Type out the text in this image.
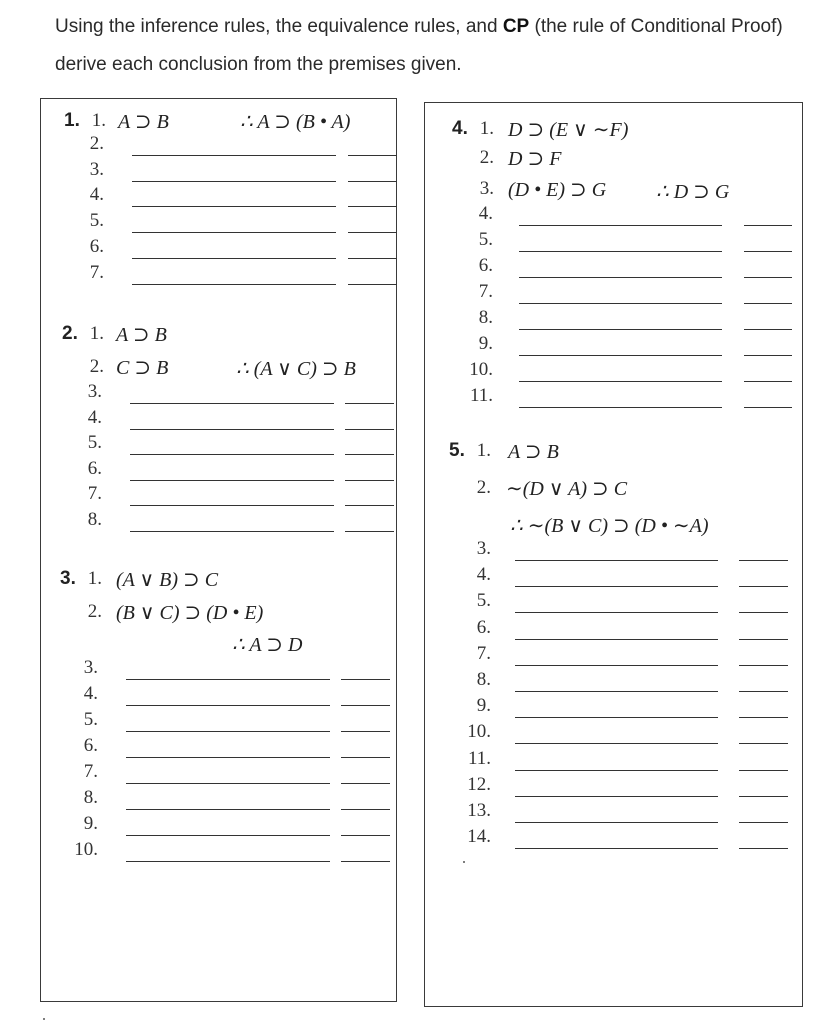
Using the inference rules, the equivalence rules, and CP (the rule of Conditional Proof) derive each conclusion from the premises given.
1. 1. A ⊃ B	∴ A ⊃ (B • A)
2.
3.
4.
5.
6.
7.
2. 1. A ⊃ B
2. C ⊃ B	∴ (A ∨ C) ⊃ B
3.
4.
5.
6.
7.
8.
3. 1. (A ∨ B) ⊃ C
2. (B ∨ C) ⊃ (D • E)
∴ A ⊃ D
3.
4.
5.
6.
7.
8.
9.
10.
4. 1. D ⊃ (E ∨ ∼F)
2. D ⊃ F
3. (D • E) ⊃ G ∴ D ⊃ G
4.
5.
6.
7.
8.
9.
10.
11.
5. 1. A ⊃ B
2. ∼(D ∨ A) ⊃ C
∴ ∼(B ∨ C) ⊃ (D • ∼A)
3.
4.
5.
6.
7.
8.
9.
10.
11.
12.
13.
14.
